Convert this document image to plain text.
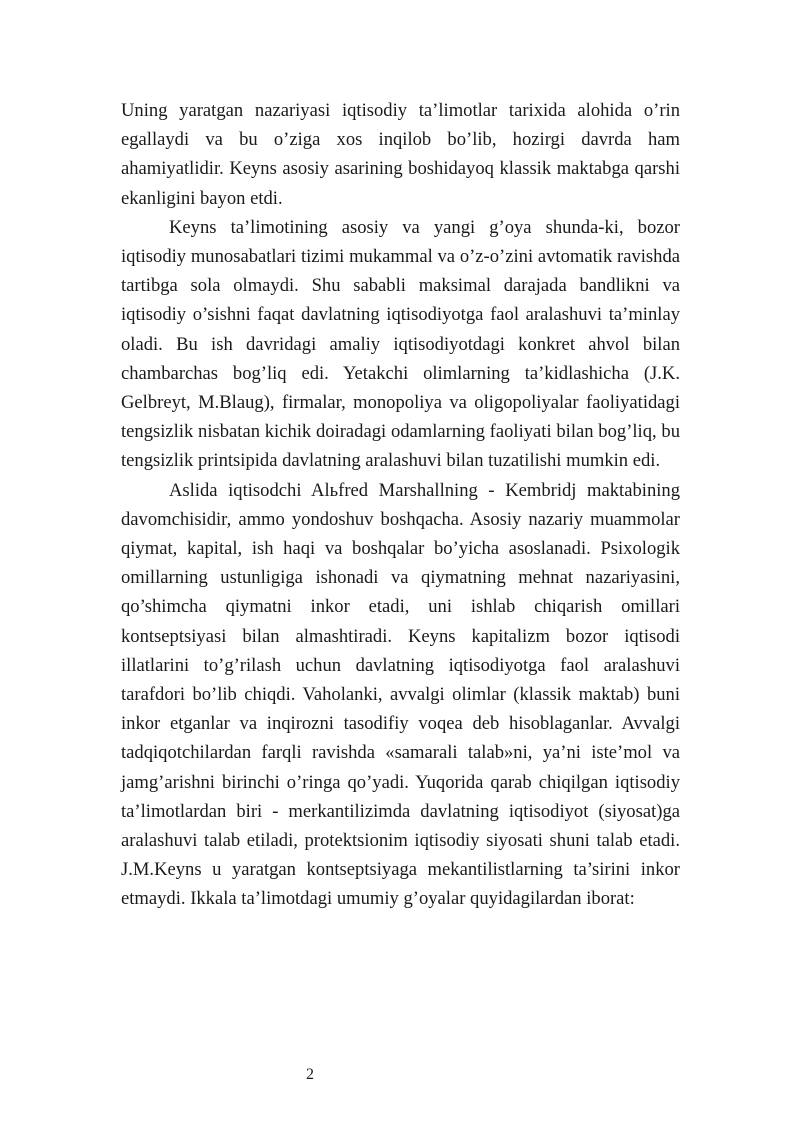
Uning yaratgan nazariyasi iqtisodiy ta’limotlar tarixida alohida o’rin egallaydi va bu o’ziga xos inqilob bo’lib, hozirgi davrda ham ahamiyatlidir. Keyns asosiy asarining boshidayoq klassik maktabga qarshi ekanligini bayon etdi.

Keyns ta’limotining asosiy va yangi g’oya shunda-ki, bozor iqtisodiy munosabatlari tizimi mukammal va o’z-o’zini avtomatik ravishda tartibga sola olmaydi. Shu sababli maksimal darajada bandlikni va iqtisodiy o’sishni faqat davlatning iqtisodiyotga faol aralashuvi ta’minlay oladi. Bu ish davridagi amaliy iqtisodiyotdagi konkret ahvol bilan chambarchas bog’liq edi. Yetakchi olimlarning ta’kidlashicha (J.K. Gelbreyt, M.Blaug), firmalar, monopoliya va oligopoliyalar faoliyatidagi tengsizlik nisbatan kichik doiradagi odamlarning faoliyati bilan bog’liq, bu tengsizlik printsipida davlatning aralashuvi bilan tuzatilishi mumkin edi.

Aslida iqtisodchi Alьfred Marshallning - Kembridj maktabining davomchisidir, ammo yondoshuv boshqacha. Asosiy nazariy muammolar qiymat, kapital, ish haqi va boshqalar bo’yicha asoslanadi. Psixologik omillarning ustunligiga ishonadi va qiymatning mehnat nazariyasini, qo’shimcha qiymatni inkor etadi, uni ishlab chiqarish omillari kontseptsiyasi bilan almashtiradi. Keyns kapitalizm bozor iqtisodi illatlarini to’g’rilash uchun davlatning iqtisodiyotga faol aralashuvi tarafdori bo’lib chiqdi. Vaholanki, avvalgi olimlar (klassik maktab) buni inkor etganlar va inqirozni tasodifiy voqea deb hisoblaganlar. Avvalgi tadqiqotchilardan farqli ravishda «samarali talab»ni, ya’ni iste’mol va jamg’arishni birinchi o’ringa qo’yadi. Yuqorida qarab chiqilgan iqtisodiy ta’limotlardan biri - merkantilizimda davlatning iqtisodiyot (siyosat)ga aralashuvi talab etiladi, protektsionim iqtisodiy siyosati shuni talab etadi. J.M.Keyns u yaratgan kontseptsiyaga mekantilistlarning ta’sirini inkor etmaydi. Ikkala ta’limotdagi umumiy g’oyalar quyidagilardan iborat:

2
